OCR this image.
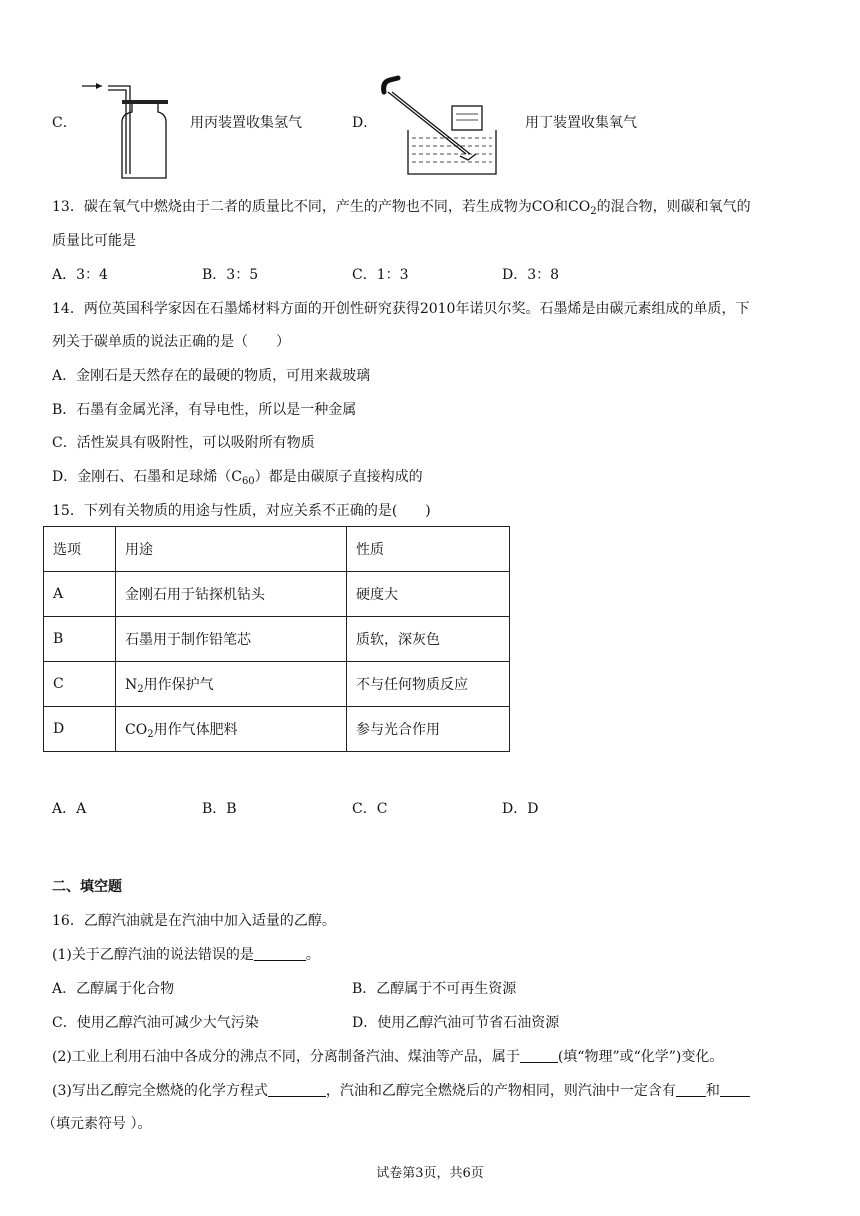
C．	用丙装置收集氢气	D．	用丁装置收集氧气
13．碳在氧气中燃烧由于二者的质量比不同，产生的产物也不同，若生成物为CO和$CO_2$的混合物，则碳和氧气的
质量比可能是
A．3：4	B．3：5	C．1：3	D．3：8
14．两位英国科学家因在石墨烯材料方面的开创性研究获得2010年诺贝尔奖。石墨烯是由碳元素组成的单质，下
列关于碳单质的说法正确的是（　　）
A．金刚石是天然存在的最硬的物质，可用来裁玻璃
B．石墨有金属光泽，有导电性，所以是一种金属
C．活性炭具有吸附性，可以吸附所有物质
D．金刚石、石墨和足球烯$(C_{60})$都是由碳原子直接构成的
15．下列有关物质的用途与性质，对应关系不正确的是(　　)
选项	用途	性质
A	金刚石用于钻探机钻头	硬度大
B	石墨用于制作铅笔芯	质软，深灰色
C	$N_2$用作保护气	不与任何物质反应
D	$CO_2$用作气体肥料	参与光合作用
A．A	B．B	C．C	D．D
二、填空题
16．乙醇汽油就是在汽油中加入适量的乙醇。
(1)关于乙醇汽油的说法错误的是	。
A．乙醇属于化合物	B．乙醇属于不可再生资源
C．使用乙醇汽油可减少大气污染	D．使用乙醇汽油可节省石油资源
(2)工业上利用石油中各成分的沸点不同，分离制备汽油、煤油等产品，属于	(填“物理”或“化学”)变化。
(3)写出乙醇完全燃烧的化学方程式	，汽油和乙醇完全燃烧后的产物相同，则汽油中一定含有 和
（填元素符号 ）。
试卷第3页，共6页
